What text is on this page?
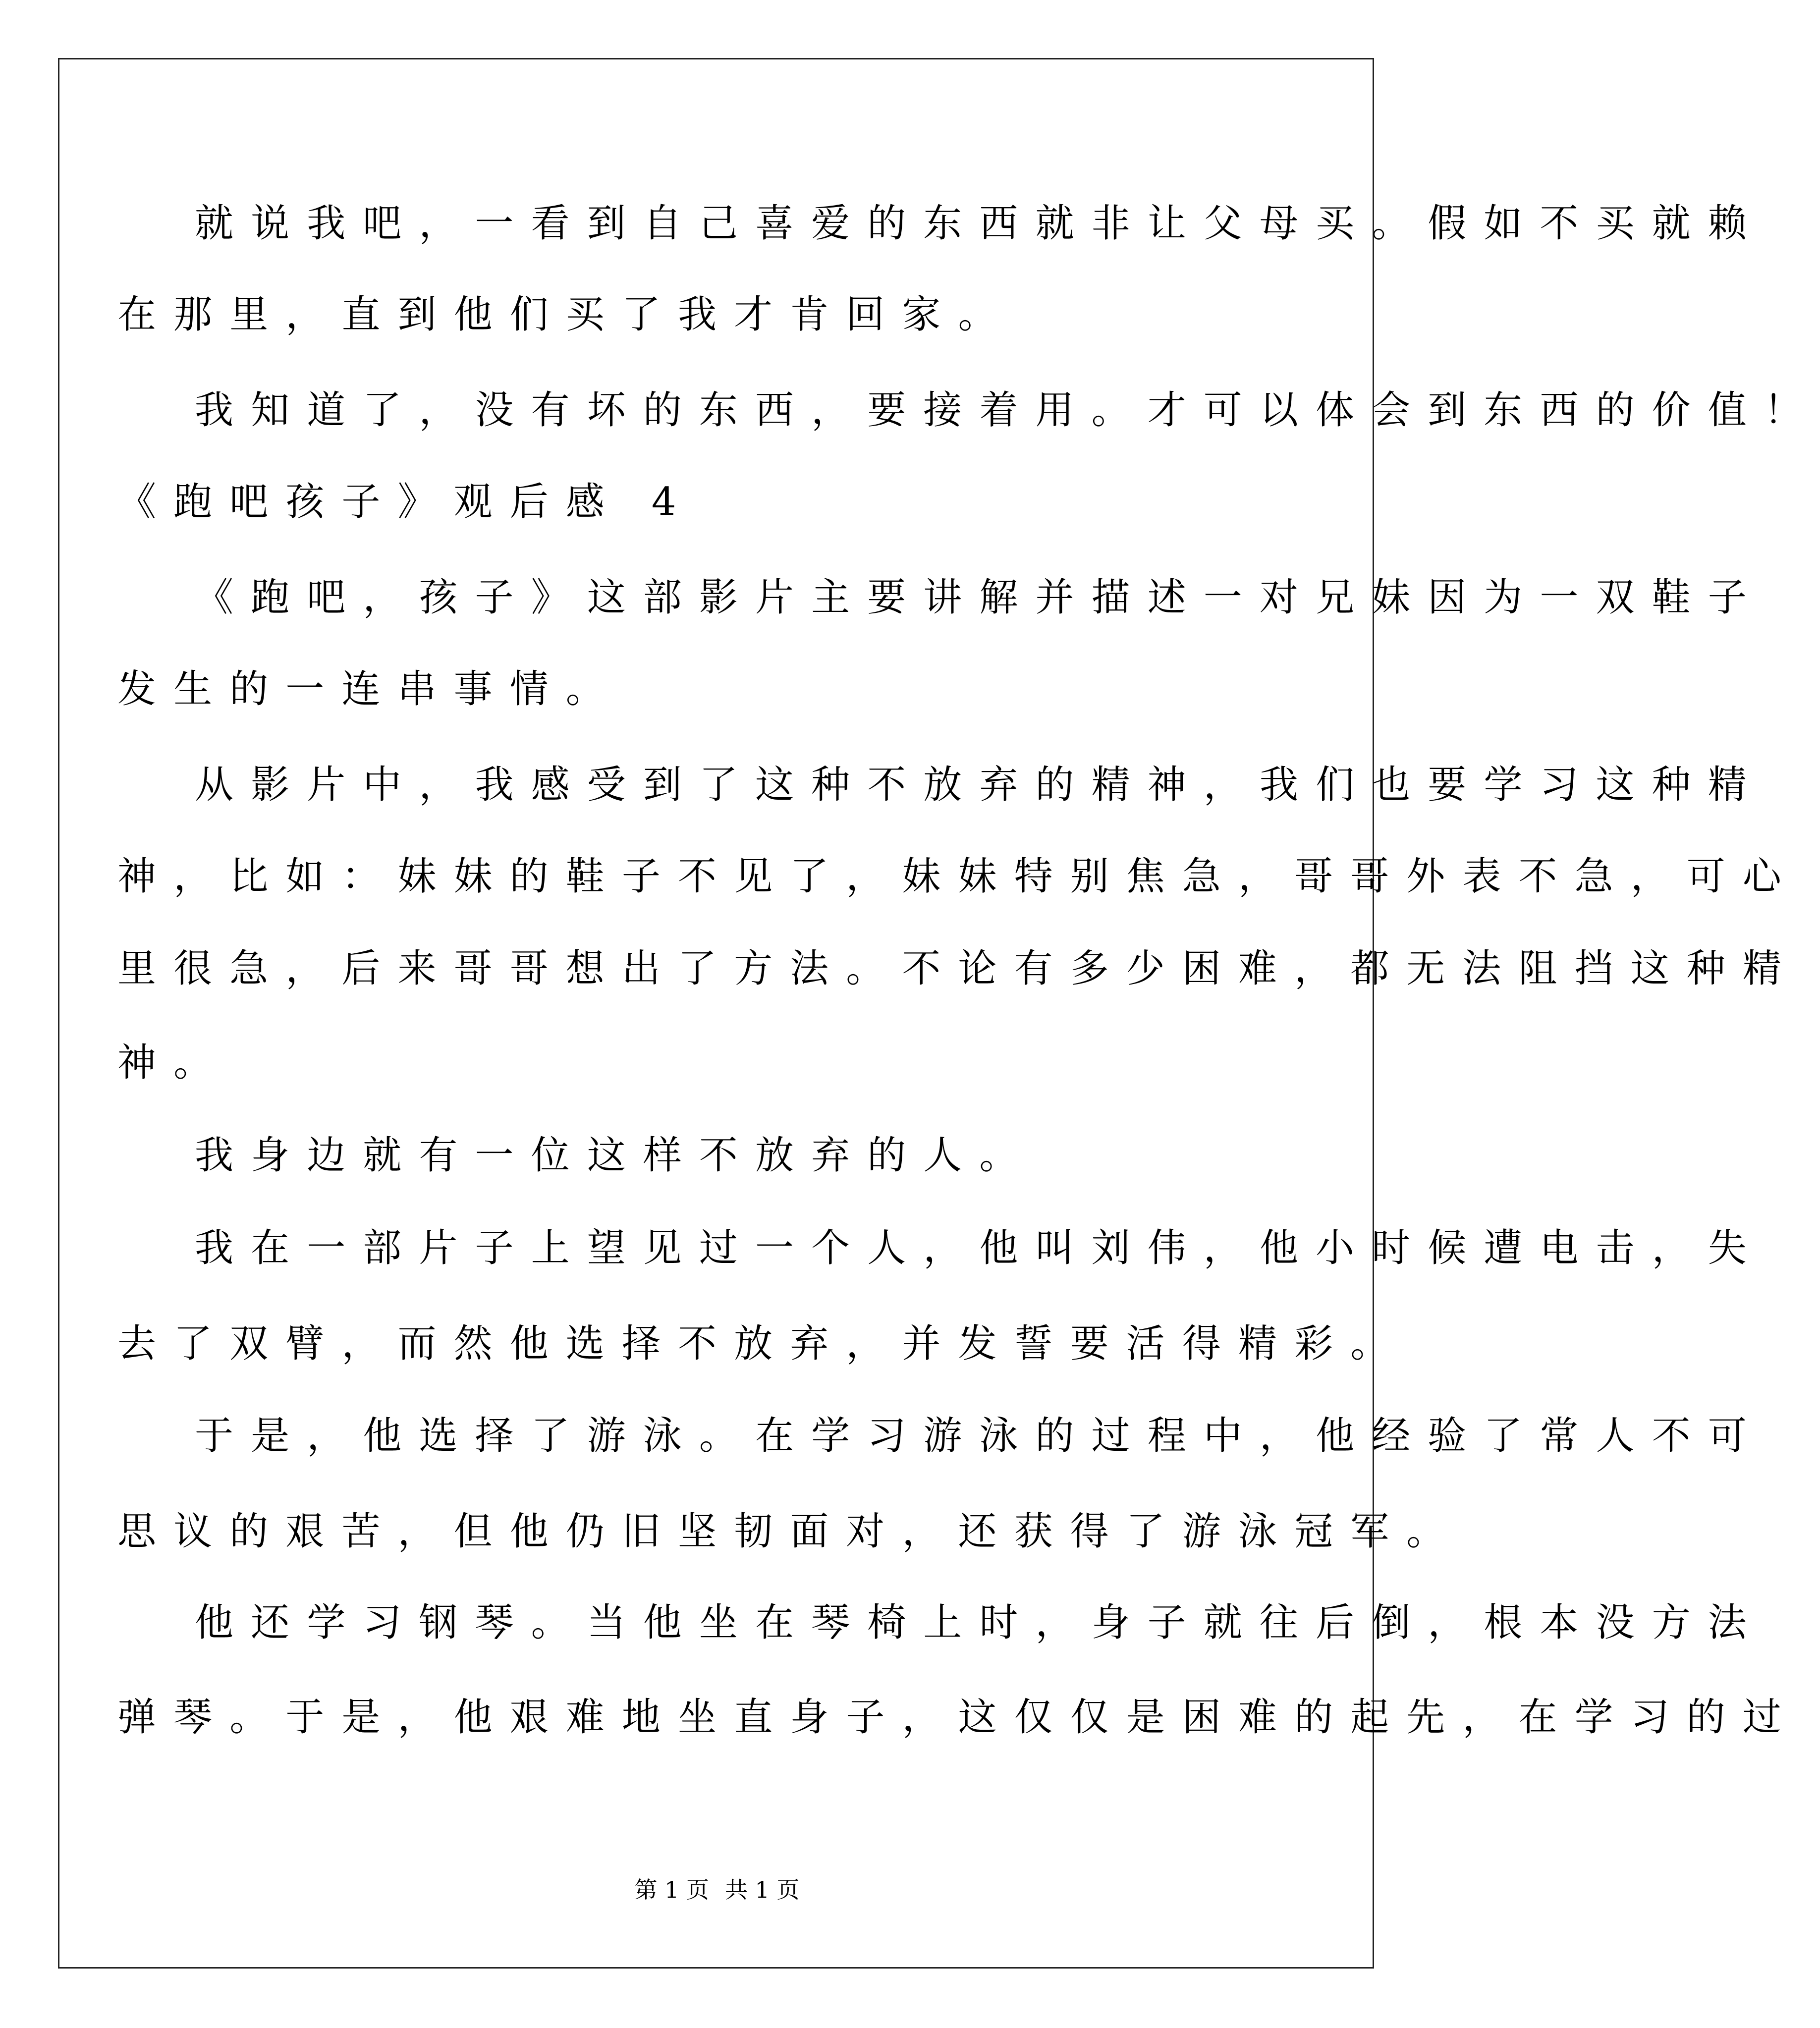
就说我吧，一看到自己喜爱的东西就非让父母买。假如不买就赖

在那里，直到他们买了我才肯回家。

我知道了，没有坏的东西，要接着用。才可以体会到东西的价值！

《跑吧孩子》观后感 4

《跑吧，孩子》这部影片主要讲解并描述一对兄妹因为一双鞋子

发生的一连串事情。

从影片中，我感受到了这种不放弃的精神，我们也要学习这种精

神，比如：妹妹的鞋子不见了，妹妹特别焦急，哥哥外表不急，可心

里很急，后来哥哥想出了方法。不论有多少困难，都无法阻挡这种精

神。

我身边就有一位这样不放弃的人。

我在一部片子上望见过一个人，他叫刘伟，他小时候遭电击，失

去了双臂，而然他选择不放弃，并发誓要活得精彩。

于是，他选择了游泳。在学习游泳的过程中，他经验了常人不可

思议的艰苦，但他仍旧坚韧面对，还获得了游泳冠军。

他还学习钢琴。当他坐在琴椅上时，身子就往后倒，根本没方法

弹琴。于是，他艰难地坐直身子，这仅仅是困难的起先，在学习的过

第 1 页 共 1 页
